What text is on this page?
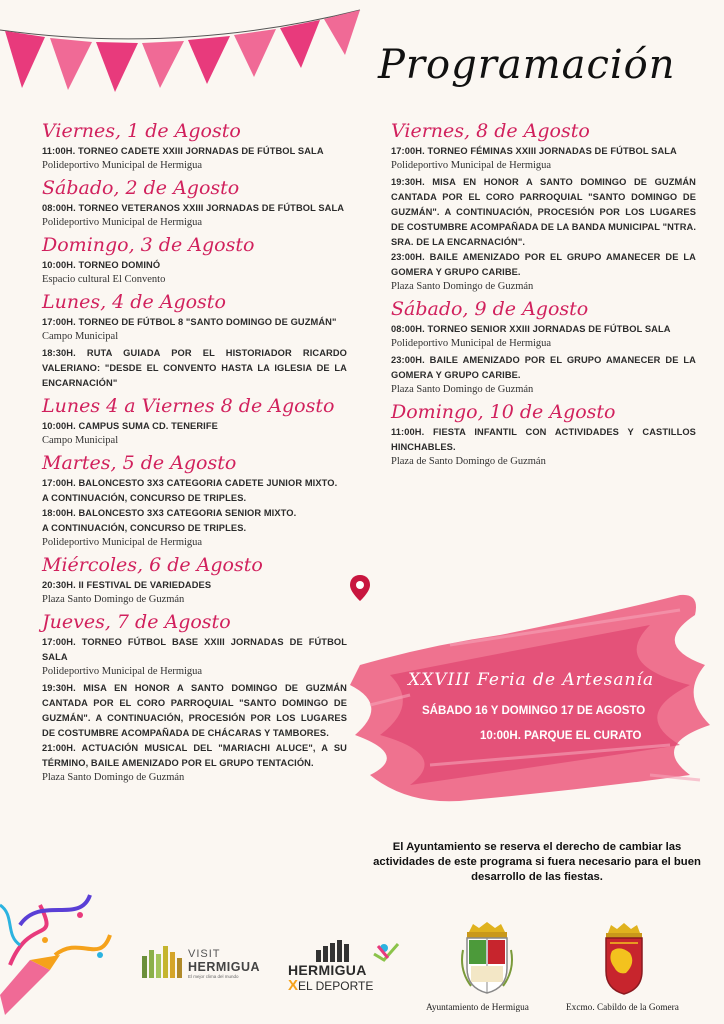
Programación
Viernes, 1 de Agosto
11:00H. TORNEO CADETE XXIII JORNADAS DE FÚTBOL SALA
Polideportivo Municipal de Hermigua
Sábado, 2 de Agosto
08:00H. TORNEO VETERANOS XXIII JORNADAS DE FÚTBOL SALA
Polideportivo Municipal de Hermigua
Domingo, 3 de Agosto
10:00H. TORNEO DOMINÓ
Espacio cultural El Convento
Lunes, 4 de Agosto
17:00H. TORNEO DE FÚTBOL 8 "SANTO DOMINGO DE GUZMÁN"
Campo Municipal
18:30H. RUTA GUIADA POR EL HISTORIADOR RICARDO VALERIANO: "DESDE EL CONVENTO HASTA LA IGLESIA DE LA ENCARNACIÓN"
Lunes 4 a Viernes 8 de Agosto
10:00H. CAMPUS SUMA CD. TENERIFE
Campo Municipal
Martes, 5 de Agosto
17:00H. BALONCESTO 3X3 CATEGORIA CADETE JUNIOR MIXTO.
A CONTINUACIÓN, CONCURSO DE TRIPLES.
18:00H. BALONCESTO 3X3 CATEGORIA SENIOR MIXTO.
A CONTINUACIÓN, CONCURSO DE TRIPLES.
Polideportivo Municipal de Hermigua
Miércoles, 6 de Agosto
20:30H. II FESTIVAL DE VARIEDADES
Plaza Santo Domingo de Guzmán
Jueves, 7 de Agosto
17:00H. TORNEO FÚTBOL BASE XXIII JORNADAS DE FÚTBOL SALA
Polideportivo Municipal de Hermigua
19:30H. MISA EN HONOR A SANTO DOMINGO DE GUZMÁN CANTADA POR EL CORO PARROQUIAL "SANTO DOMINGO DE GUZMÁN". A CONTINUACIÓN, PROCESIÓN POR LOS LUGARES DE COSTUMBRE ACOMPAÑADA DE CHÁCARAS Y TAMBORES.
21:00H. ACTUACIÓN MUSICAL DEL "MARIACHI ALUCE", A SU TÉRMINO, BAILE AMENIZADO POR EL GRUPO TENTACIÓN.
Plaza Santo Domingo de Guzmán
Viernes, 8 de Agosto
17:00H. TORNEO FÉMINAS XXIII JORNADAS DE FÚTBOL SALA
Polideportivo Municipal de Hermigua
19:30H. MISA EN HONOR A SANTO DOMINGO DE GUZMÁN CANTADA POR EL CORO PARROQUIAL "SANTO DOMINGO DE GUZMÁN". A CONTINUACIÓN, PROCESIÓN POR LOS LUGARES DE COSTUMBRE ACOMPAÑADA DE LA BANDA MUNICIPAL "NTRA. SRA. DE LA ENCARNACIÓN".
23:00H. BAILE AMENIZADO POR EL GRUPO AMANECER DE LA GOMERA Y GRUPO CARIBE.
Plaza Santo Domingo de Guzmán
Sábado, 9 de Agosto
08:00H. TORNEO SENIOR XXIII JORNADAS DE FÚTBOL SALA
Polideportivo Municipal de Hermigua
23:00H. BAILE AMENIZADO POR EL GRUPO AMANECER DE LA GOMERA Y GRUPO CARIBE.
Plaza Santo Domingo de Guzmán
Domingo, 10 de Agosto
11:00H. FIESTA INFANTIL CON ACTIVIDADES Y CASTILLOS HINCHABLES.
Plaza de Santo Domingo de Guzmán
XXVIII Feria de Artesanía
SÁBADO 16 Y DOMINGO 17 DE AGOSTO
10:00H. PARQUE EL CURATO
El Ayuntamiento se reserva el derecho de cambiar las actividades de este programa si fuera necesario para el buen desarrollo de las fiestas.
VISIT
HERMIGUA
El mejor clima del mundo	HERMIGUA
XEL DEPORTE
Ayuntamiento de Hermigua	Excmo. Cabildo de la Gomera
